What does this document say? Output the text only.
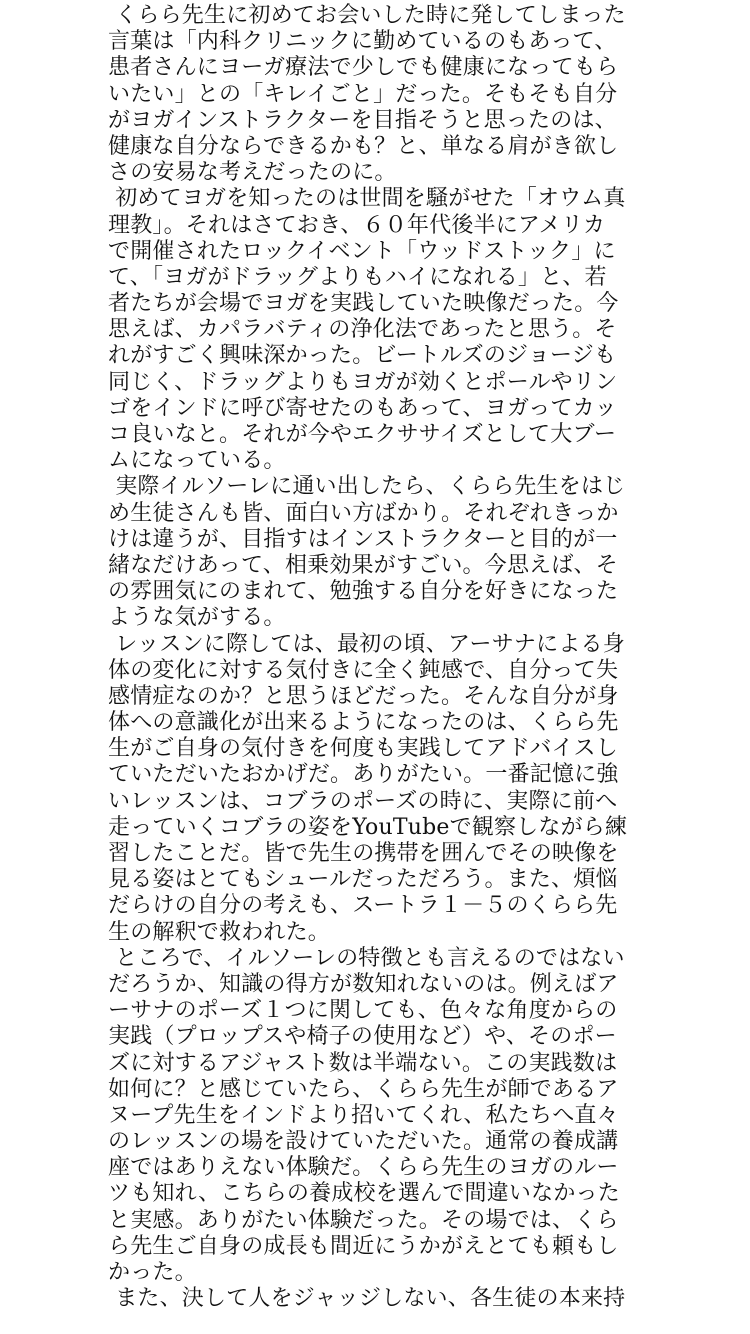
くらら先生に初めてお会いした時に発してしまった
言葉は「内科クリニックに勤めているのもあって、
患者さんにヨーガ療法で少しでも健康になってもら
いたい」との「キレイごと」だった。そもそも自分
がヨガインストラクターを目指そうと思ったのは、
健康な自分ならできるかも？と、単なる肩がき欲し
さの安易な考えだったのに。
初めてヨガを知ったのは世間を騒がせた「オウム真
理教」。それはさておき、６０年代後半にアメリカ
で開催されたロックイベント「ウッドストック」に
て、「ヨガがドラッグよりもハイになれる」と、若
者たちが会場でヨガを実践していた映像だった。今
思えば、カパラバティの浄化法であったと思う。そ
れがすごく興味深かった。ビートルズのジョージも
同じく、ドラッグよりもヨガが効くとポールやリン
ゴをインドに呼び寄せたのもあって、ヨガってカッ
コ良いなと。それが今やエクササイズとして大ブー
ムになっている。
実際イルソーレに通い出したら、くらら先生をはじ
め生徒さんも皆、面白い方ばかり。それぞれきっか
けは違うが、目指すはインストラクターと目的が一
緒なだけあって、相乗効果がすごい。今思えば、そ
の雰囲気にのまれて、勉強する自分を好きになった
ような気がする。
レッスンに際しては、最初の頃、アーサナによる身
体の変化に対する気付きに全く鈍感で、自分って失
感情症なのか？と思うほどだった。そんな自分が身
体への意識化が出来るようになったのは、くらら先
生がご自身の気付きを何度も実践してアドバイスし
ていただいたおかげだ。ありがたい。一番記憶に強
いレッスンは、コブラのポーズの時に、実際に前へ
走っていくコブラの姿をYouTubeで観察しながら練
習したことだ。皆で先生の携帯を囲んでその映像を
見る姿はとてもシュールだっただろう。また、煩悩
だらけの自分の考えも、スートラ１－５のくらら先
生の解釈で救われた。
ところで、イルソーレの特徴とも言えるのではない
だろうか、知識の得方が数知れないのは。例えばア
ーサナのポーズ１つに関しても、色々な角度からの
実践（プロップスや椅子の使用など）や、そのポー
ズに対するアジャスト数は半端ない。この実践数は
如何に？と感じていたら、くらら先生が師であるア
ヌープ先生をインドより招いてくれ、私たちへ直々
のレッスンの場を設けていただいた。通常の養成講
座ではありえない体験だ。くらら先生のヨガのルー
ツも知れ、こちらの養成校を選んで間違いなかった
と実感。ありがたい体験だった。その場では、くら
ら先生ご自身の成長も間近にうかがえとても頼もし
かった。
また、決して人をジャッジしない、各生徒の本来持
